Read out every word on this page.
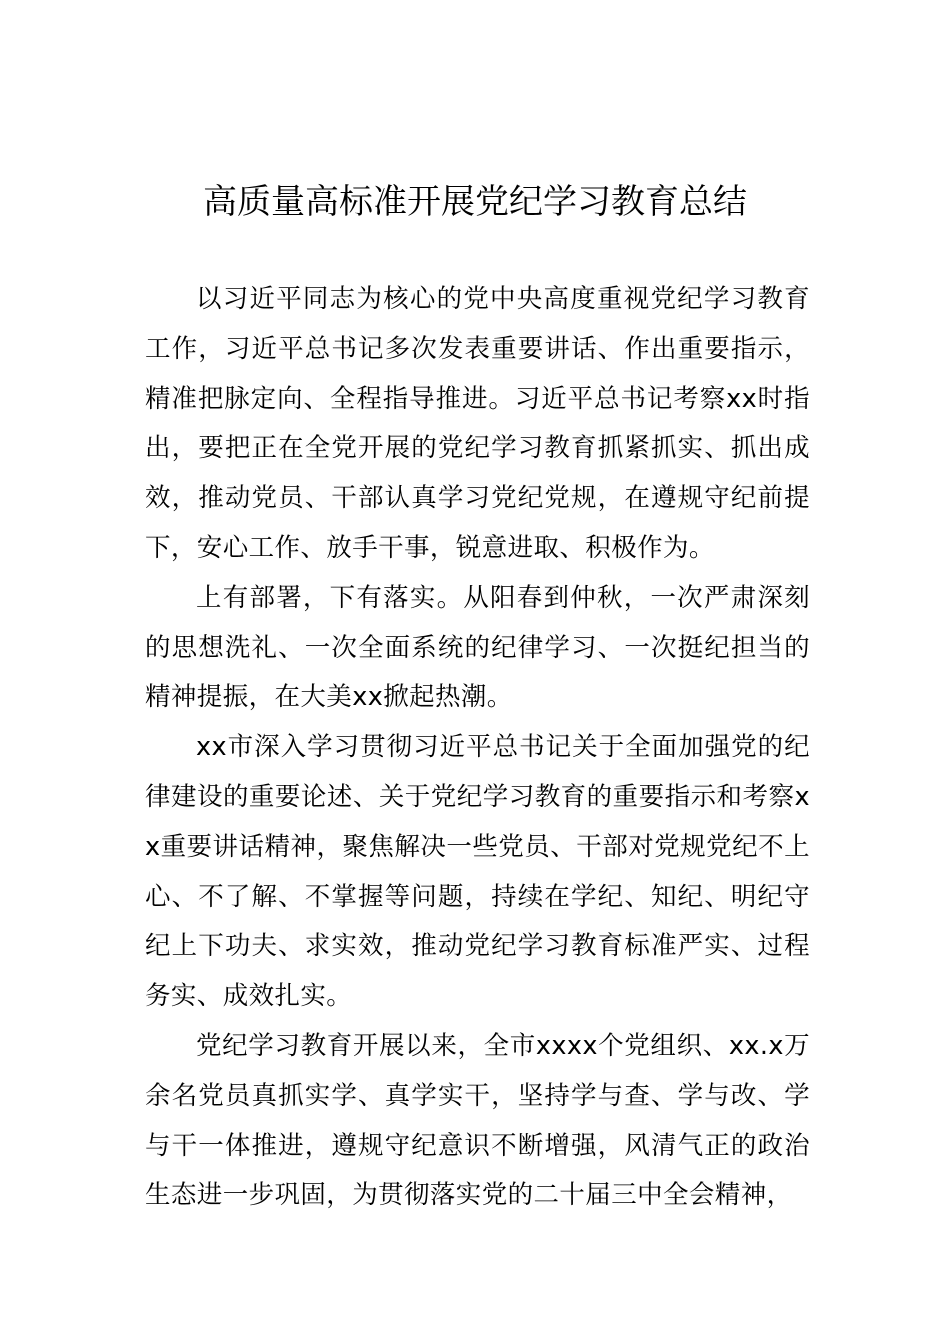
高质量高标准开展党纪学习教育总结

以习近平同志为核心的党中央高度重视党纪学习教育工作，习近平总书记多次发表重要讲话、作出重要指示，精准把脉定向、全程指导推进。习近平总书记考察xx时指出，要把正在全党开展的党纪学习教育抓紧抓实、抓出成效，推动党员、干部认真学习党纪党规，在遵规守纪前提下，安心工作、放手干事，锐意进取、积极作为。

上有部署，下有落实。从阳春到仲秋，一次严肃深刻的思想洗礼、一次全面系统的纪律学习、一次挺纪担当的精神提振，在大美xx掀起热潮。

xx市深入学习贯彻习近平总书记关于全面加强党的纪律建设的重要论述、关于党纪学习教育的重要指示和考察xx重要讲话精神，聚焦解决一些党员、干部对党规党纪不上心、不了解、不掌握等问题，持续在学纪、知纪、明纪守纪上下功夫、求实效，推动党纪学习教育标准严实、过程务实、成效扎实。

党纪学习教育开展以来，全市xxxx个党组织、xx.x万余名党员真抓实学、真学实干，坚持学与查、学与改、学与干一体推进，遵规守纪意识不断增强，风清气正的政治生态进一步巩固，为贯彻落实党的二十届三中全会精神，
